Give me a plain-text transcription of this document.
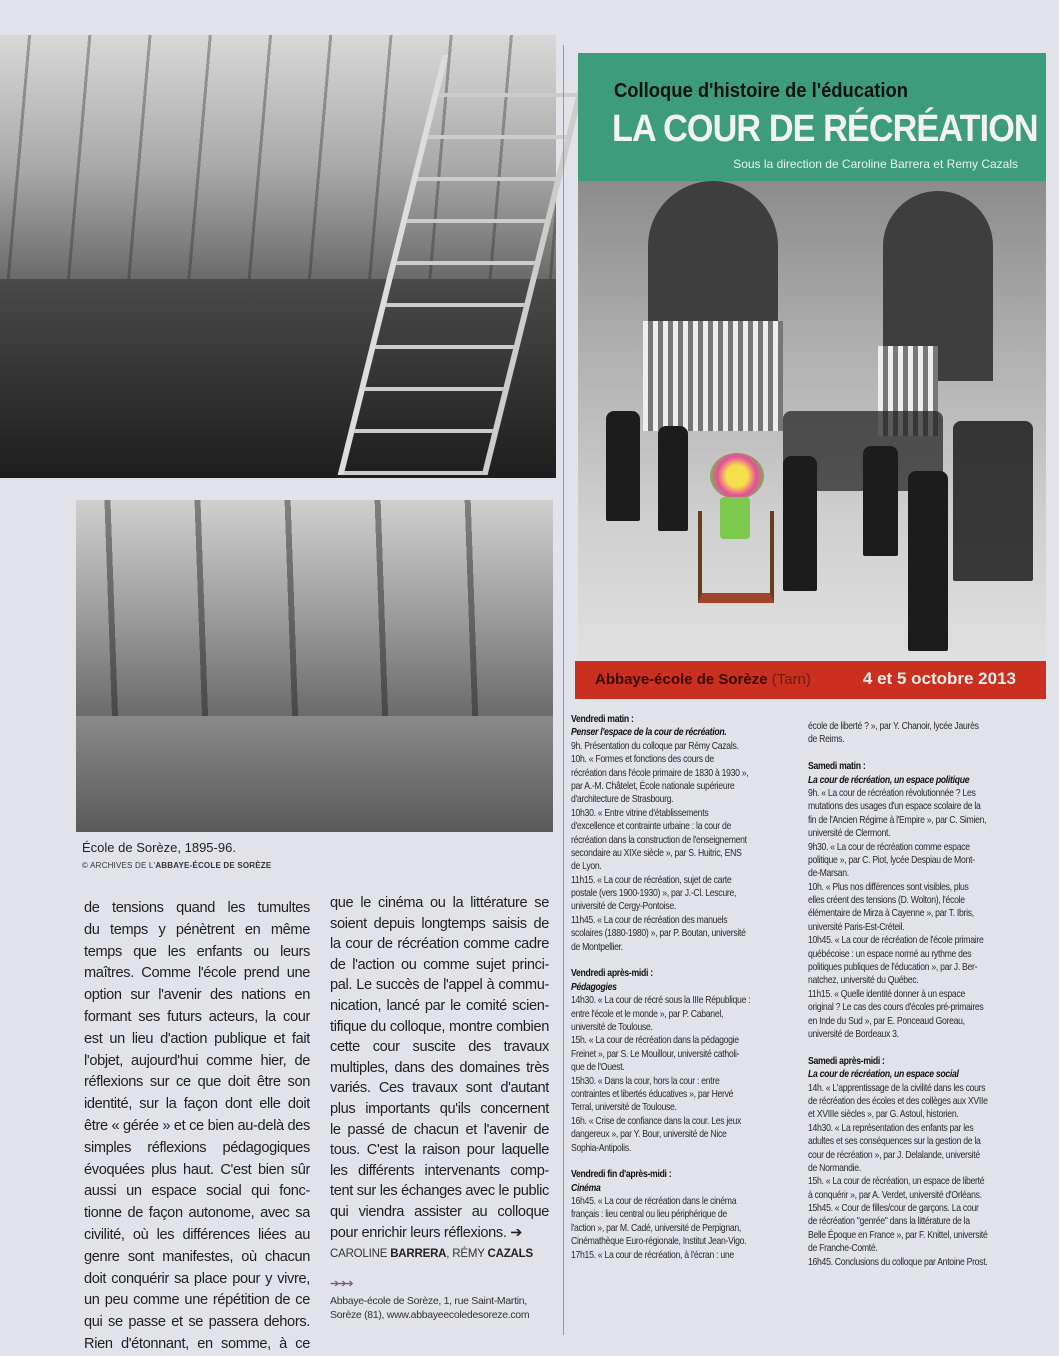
École de Sorèze, 1895-96.
© ARCHIVES DE L'ABBAYE-ÉCOLE DE SORÈZE
de tensions quand les tumultes
du temps y pénètrent en même
temps que les enfants ou leurs
maîtres. Comme l'école prend une
option sur l'avenir des nations en
formant ses futurs acteurs, la cour
est un lieu d'action publique et fait
l'objet, aujourd'hui comme hier, de
réflexions sur ce que doit être son
identité, sur la façon dont elle doit
être « gérée » et ce bien au-delà des
simples réflexions pédagogiques
évoquées plus haut. C'est bien sûr
aussi un espace social qui fonc-
tionne de façon autonome, avec sa
civilité, où les différences liées au
genre sont manifestes, où chacun
doit conquérir sa place pour y vivre,
un peu comme une répétition de ce
qui se passe et se passera dehors.
Rien d'étonnant, en somme, à ce
que le cinéma ou la littérature se
soient depuis longtemps saisis de
la cour de récréation comme cadre
de l'action ou comme sujet princi-
pal. Le succès de l'appel à commu-
nication, lancé par le comité scien-
tifique du colloque, montre combien
cette cour suscite des travaux
multiples, dans des domaines très
variés. Ces travaux sont d'autant
plus importants qu'ils concernent
le passé de chacun et l'avenir de
tous. C'est la raison pour laquelle
les différents intervenants comp-
tent sur les échanges avec le public
qui viendra assister au colloque
pour enrichir leurs réflexions. ➔
CAROLINE BARRERA, RÉMY CAZALS
➔➔➔
Abbaye-école de Sorèze, 1, rue Saint-Martin,
Sorèze (81), www.abbayeecoledesoreze.com
Colloque d'histoire de l'éducation
LA COUR DE RÉCRÉATION
Sous la direction de Caroline Barrera et Remy Cazals
Abbaye-école de Sorèze (Tarn)	4 et 5 octobre 2013
Vendredi matin :
Penser l'espace de la cour de récréation.
9h. Présentation du colloque par Rémy Cazals.
10h. « Formes et fonctions des cours de
récréation dans l'école primaire de 1830 à 1930 »,
par A.-M. Châtelet, École nationale supérieure
d'architecture de Strasbourg.
10h30. « Entre vitrine d'établissements
d'excellence et contrainte urbaine : la cour de
récréation dans la construction de l'enseignement
secondaire au XIXe siècle », par S. Huitric, ENS
de Lyon.
11h15. « La cour de récréation, sujet de carte
postale (vers 1900-1930) », par J.-Cl. Lescure,
université de Cergy-Pontoise.
11h45. « La cour de récréation des manuels
scolaires (1880-1980) », par P. Boutan, université
de Montpellier.
Vendredi après-midi :
Pédagogies
14h30. « La cour de récré sous la IIIe République :
entre l'école et le monde », par P. Cabanel,
université de Toulouse.
15h. « La cour de récréation dans la pédagogie
Freinet », par S. Le Mouillour, université catholi-
que de l'Ouest.
15h30. « Dans la cour, hors la cour : entre
contraintes et libertés éducatives », par Hervé
Terral, université de Toulouse.
16h. « Crise de confiance dans la cour. Les jeux
dangereux », par Y. Bour, université de Nice
Sophia-Antipolis.
Vendredi fin d'après-midi :
Cinéma
16h45. « La cour de récréation dans le cinéma
français : lieu central ou lieu périphérique de
l'action », par M. Cadé, université de Perpignan,
Cinémathèque Euro-régionale, Institut Jean-Vigo.
17h15. « La cour de récréation, à l'écran : une
école de liberté ? », par Y. Chanoir, lycée Jaurès
de Reims.
Samedi matin :
La cour de récréation, un espace politique
9h. « La cour de récréation révolutionnée ? Les
mutations des usages d'un espace scolaire de la
fin de l'Ancien Régime à l'Empire », par C. Simien,
université de Clermont.
9h30. « La cour de récréation comme espace
politique », par C. Piot, lycée Despiau de Mont-
de-Marsan.
10h. « Plus nos différences sont visibles, plus
elles créent des tensions (D. Wolton), l'école
élémentaire de Mirza à Cayenne », par T. Ibris,
université Paris-Est-Créteil.
10h45. « La cour de récréation de l'école primaire
québécoise : un espace normé au rythme des
politiques publiques de l'éducation », par J. Ber-
natchez, université du Québec.
11h15. « Quelle identité donner à un espace
original ? Le cas des cours d'écoles pré-primaires
en Inde du Sud », par E. Ponceaud Goreau,
université de Bordeaux 3.
Samedi après-midi :
La cour de récréation, un espace social
14h. « L'apprentissage de la civilité dans les cours
de récréation des écoles et des collèges aux XVIIe
et XVIIIe siècles », par G. Astoul, historien.
14h30. « La représentation des enfants par les
adultes et ses conséquences sur la gestion de la
cour de récréation », par J. Delalande, université
de Normandie.
15h. « La cour de récréation, un espace de liberté
à conquérir », par A. Verdet, université d'Orléans.
15h45. « Cour de filles/cour de garçons. La cour
de récréation "genrée" dans la littérature de la
Belle Époque en France », par F. Knittel, université
de Franche-Comté.
16h45. Conclusions du colloque par Antoine Prost.
